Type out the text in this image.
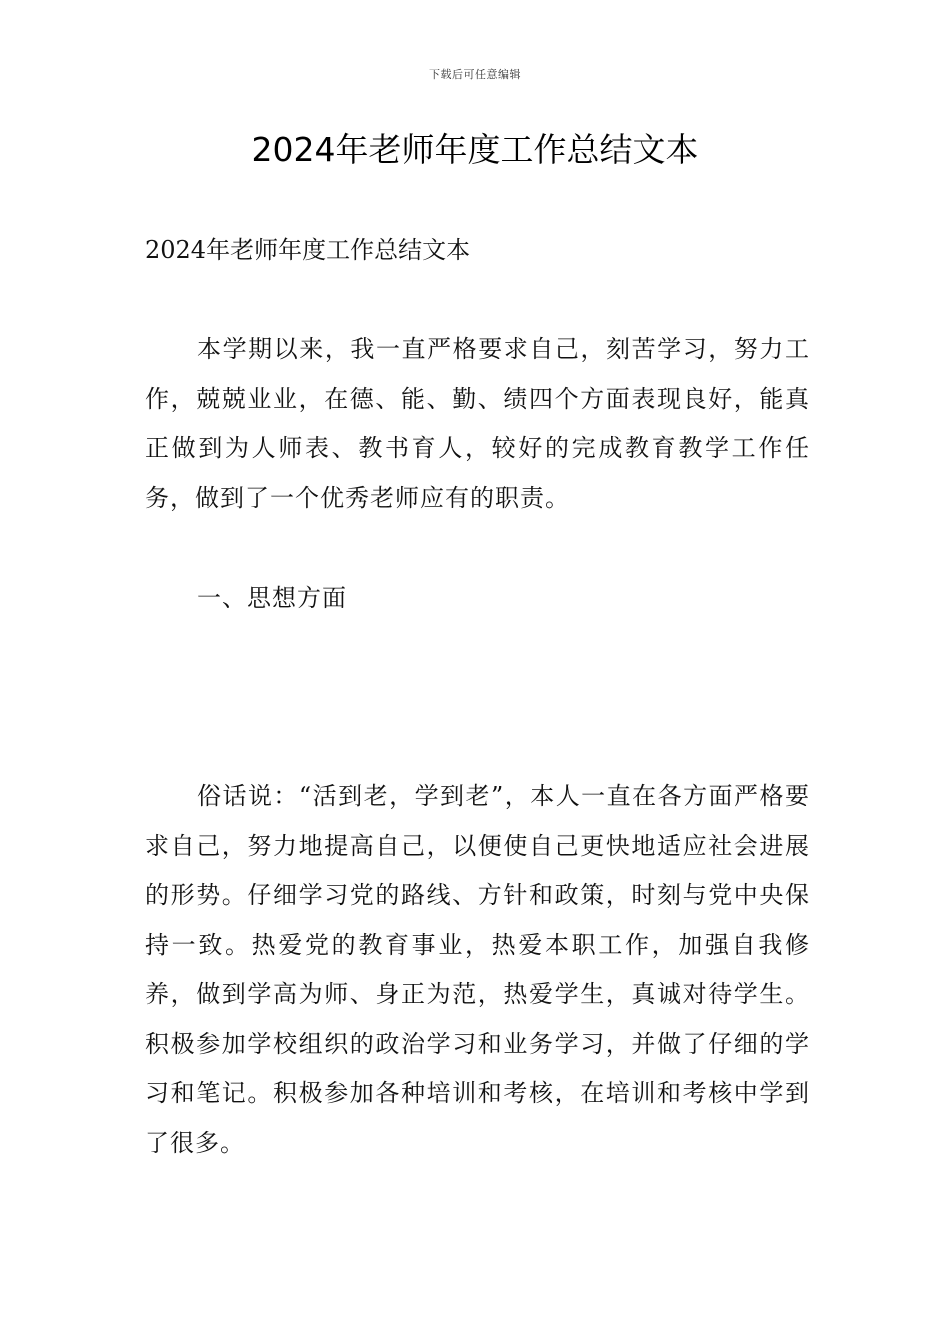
下载后可任意编辑
2024年老师年度工作总结文本

2024年老师年度工作总结文本

本学期以来，我一直严格要求自己，刻苦学习，努力工作，兢兢业业，在德、能、勤、绩四个方面表现良好，能真正做到为人师表、教书育人，较好的完成教育教学工作任务，做到了一个优秀老师应有的职责。

一、思想方面

俗话说：“活到老，学到老”，本人一直在各方面严格要求自己，努力地提高自己，以便使自己更快地适应社会进展的形势。仔细学习党的路线、方针和政策，时刻与党中央保持一致。热爱党的教育事业，热爱本职工作，加强自我修养，做到学高为师、身正为范，热爱学生，真诚对待学生。积极参加学校组织的政治学习和业务学习，并做了仔细的学习和笔记。积极参加各种培训和考核，在培训和考核中学到了很多。
